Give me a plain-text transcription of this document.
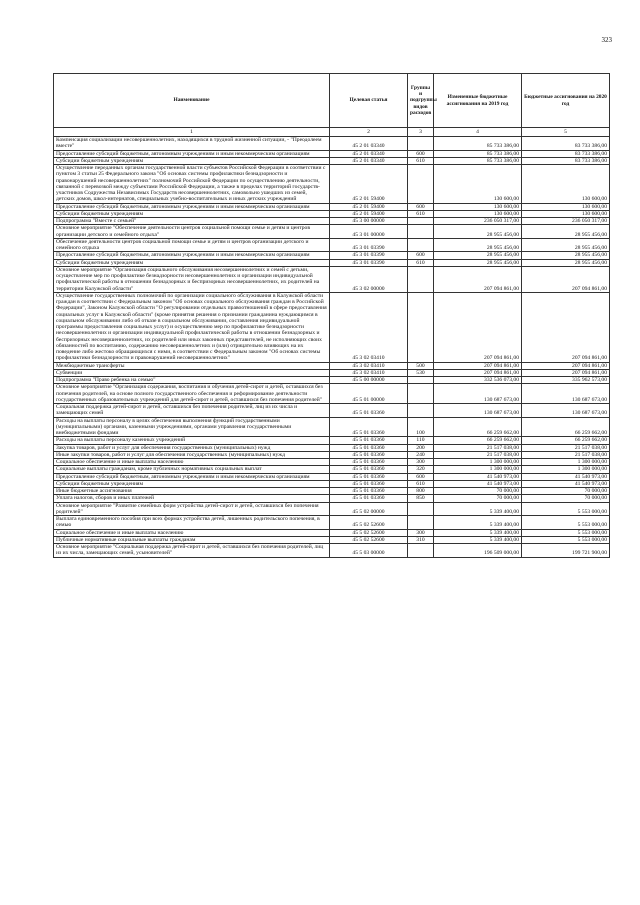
323
Наименование	Целевая статья	Группы и подгруппы видов расходов	Измененные бюджетные ассигнования на 2019 год	Бюджетные ассигнования на 2020 год
1	2	3	4	5
Компенсация социализации несовершеннолетних, находящихся в трудной жизненной ситуации, - "Преодолеем вместе"	45 2 01 03340		85 733 386,00	83 733 386,00
Предоставление субсидий бюджетным, автономным учреждениям и иным некоммерческим организациям	45 2 01 03340	600	85 733 386,00	83 733 386,00
Субсидии бюджетным учреждениям	45 2 01 03340	610	85 733 386,00	83 733 386,00
Осуществление переданных органам государственной власти субъектов Российской Федерации в соответствии с пунктом 3 статьи 25 Федерального закона "Об основах системы профилактики безнадзорности и правонарушений несовершеннолетних" полномочий Российской Федерации по осуществлению деятельности, связанной с перевозкой между субъектами Российской Федерации, а также в пределах территорий государств-участников Содружества Независимых Государств несовершеннолетних, самовольно ушедших из семей, детских домов, школ-интернатов, специальных учебно-воспитательных и иных детских учреждений	45 2 01 59400		130 600,00	130 600,00
Предоставление субсидий бюджетным, автономным учреждениям и иным некоммерческим организациям	45 2 01 59400	600	130 600,00	130 600,00
Субсидии бюджетным учреждениям	45 2 01 59400	610	130 600,00	130 600,00
Подпрограмма "Вместе с семьей"	45 3 00 00000		236 050 317,00	236 050 317,00
Основное мероприятие "Обеспечение деятельности центров социальной помощи семье и детям и центров организации детского и семейного отдыха"	45 3 01 00000		28 955 456,00	28 955 456,00
Обеспечение деятельности центров социальной помощи семье и детям и центров организации детского и семейного отдыха	45 3 01 03390		28 955 456,00	28 955 456,00
Предоставление субсидий бюджетным, автономным учреждениям и иным некоммерческим организациям	45 3 01 03390	600	28 955 456,00	28 955 456,00
Субсидии бюджетным учреждениям	45 3 01 03390	610	28 955 456,00	28 955 456,00
Основное мероприятие "Организация социального обслуживания несовершеннолетних и семей с детьми, осуществление мер по профилактике безнадзорности несовершеннолетних и организации индивидуальной профилактической работы в отношении безнадзорных и беспризорных несовершеннолетних, их родителей на территории Калужской области"	45 3 02 00000		207 094 861,00	207 094 861,00
Осуществление государственных полномочий по организации социального обслуживания в Калужской области граждан в соответствии с Федеральным законом "Об основах социального обслуживания граждан в Российской Федерации", Законом Калужской области "О регулировании отдельных правоотношений в сфере предоставления социальных услуг в Калужской области" (кроме принятия решения о признании гражданина нуждающимся в социальном обслуживании либо об отказе в социальном обслуживании, составления индивидуальной программы предоставления социальных услуг) и осуществлению мер по профилактике безнадзорности несовершеннолетних и организации индивидуальной профилактической работы в отношении безнадзорных и беспризорных несовершеннолетних, их родителей или иных законных представителей, не исполняющих своих обязанностей по воспитанию, содержанию несовершеннолетних и (или) отрицательно влияющих на их поведение либо жестоко обращающихся с ними, в соответствии с Федеральным законом "Об основах системы профилактики безнадзорности и правонарушений несовершеннолетних"	45 3 02 03410		207 094 861,00	207 094 861,00
Межбюджетные трансферты	45 3 02 03410	500	207 094 861,00	207 094 861,00
Субвенции	45 3 02 03410	530	207 094 861,00	207 094 861,00
Подпрограмма "Право ребенка на семью"	45 5 00 00000		332 536 073,00	335 962 573,00
Основное мероприятие "Организация содержания, воспитания и обучения детей-сирот и детей, оставшихся без попечения родителей, на основе полного государственного обеспечения и реформирование деятельности государственных образовательных учреждений для детей-сирот и детей, оставшихся без попечения родителей"	45 5 01 00000		130 687 673,00	130 687 673,00
Социальная поддержка детей-сирот и детей, оставшихся без попечения родителей, лиц из их числа и замещающих семей	45 5 01 03360		130 687 673,00	130 687 673,00
Расходы на выплаты персоналу в целях обеспечения выполнения функций государственными (муниципальными) органами, казенными учреждениями, органами управления государственными внебюджетными фондами	45 5 01 03360	100	66 259 662,00	66 259 662,00
Расходы на выплаты персоналу казенных учреждений	45 5 01 03360	110	66 259 662,00	66 259 662,00
Закупка товаров, работ и услуг для обеспечения государственных (муниципальных) нужд	45 5 01 03360	200	21 517 038,00	21 517 038,00
Иные закупки товаров, работ и услуг для обеспечения государственных (муниципальных) нужд	45 5 01 03360	240	21 517 038,00	21 517 038,00
Социальное обеспечение и иные выплаты населению	45 5 01 03360	300	1 300 000,00	1 300 000,00
Социальные выплаты гражданам, кроме публичных нормативных социальных выплат	45 5 01 03360	320	1 300 000,00	1 300 000,00
Предоставление субсидий бюджетным, автономным учреждениям и иным некоммерческим организациям	45 5 01 03360	600	41 540 973,00	41 540 973,00
Субсидии бюджетным учреждениям	45 5 01 03360	610	41 540 973,00	41 540 973,00
Иные бюджетные ассигнования	45 5 01 03360	800	70 000,00	70 000,00
Уплата налогов, сборов и иных платежей	45 5 01 03360	850	70 000,00	70 000,00
Основное мероприятие "Развитие семейных форм устройства детей-сирот и детей, оставшихся без попечения родителей"	45 5 02 00000		5 339 400,00	5 553 000,00
Выплата единовременного пособия при всех формах устройства детей, лишенных родительского попечения, в семью	45 5 02 52600		5 339 400,00	5 553 000,00
Социальное обеспечение и иные выплаты населению	45 5 02 52600	300	5 339 400,00	5 553 000,00
Публичные нормативные социальные выплаты гражданам	45 5 02 52600	310	5 339 400,00	5 553 000,00
Основное мероприятие "Социальная поддержка детей-сирот и детей, оставшихся без попечения родителей, лиц из их числа, замещающих семей, усыновителей"	45 5 03 00000		196 509 000,00	199 721 900,00
